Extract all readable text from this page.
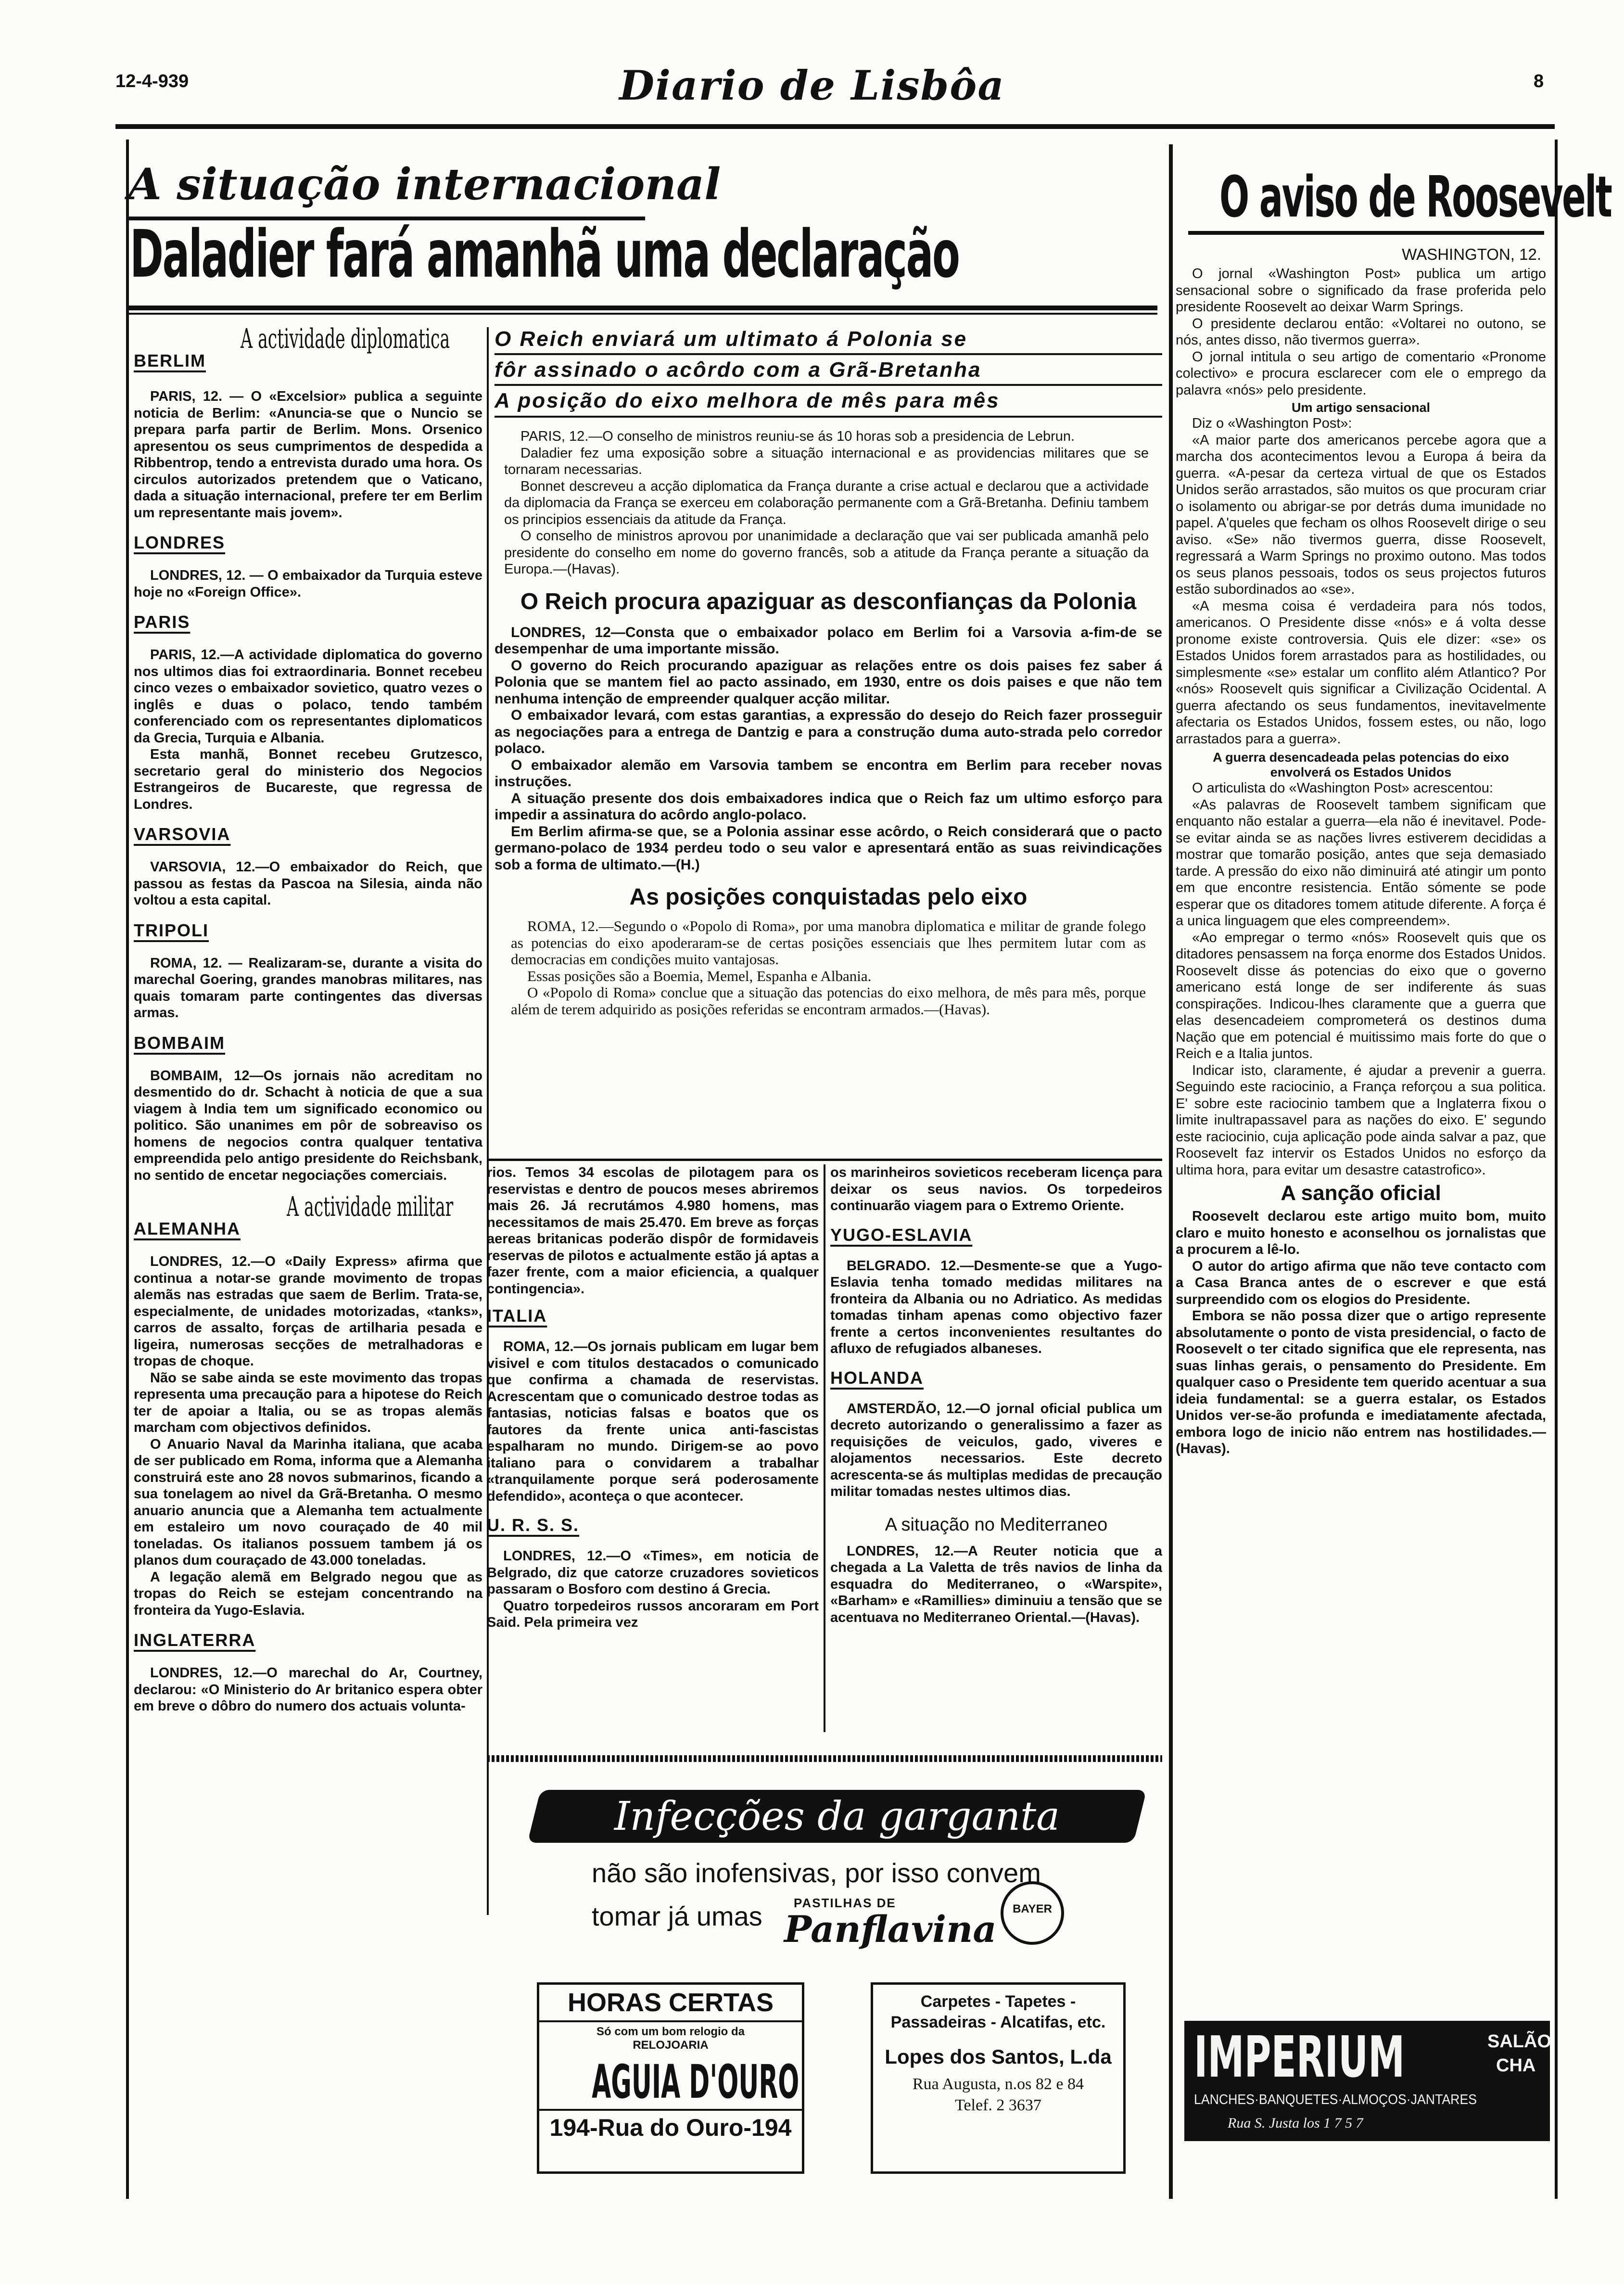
12-4-939	Diario de Lisbôa	8
A situação internacional
Daladier fará amanhã uma declaração
O aviso de Roosevelt
A actividade diplomatica
BERLIM

PARIS, 12. — O «Excelsior» publica a seguinte noticia de Berlim: «Anuncia-se que o Nuncio se prepara parfa partir de Berlim. Mons. Orsenico apresentou os seus cumprimentos de despedida a Ribbentrop, tendo a entrevista durado uma hora. Os circulos autorizados pretendem que o Vaticano, dada a situação internacional, prefere ter em Berlim um representante mais jovem».

LONDRES

LONDRES, 12. — O embaixador da Turquia esteve hoje no «Foreign Office».

PARIS

PARIS, 12.—A actividade diplomatica do governo nos ultimos dias foi extraordinaria. Bonnet recebeu cinco vezes o embaixador sovietico, quatro vezes o inglês e duas o polaco, tendo também conferenciado com os representantes diplomaticos da Grecia, Turquia e Albania.

Esta manhã, Bonnet recebeu Grutzesco, secretario geral do ministerio dos Negocios Estrangeiros de Bucareste, que regressa de Londres.

VARSOVIA

VARSOVIA, 12.—O embaixador do Reich, que passou as festas da Pascoa na Silesia, ainda não voltou a esta capital.

TRIPOLI

ROMA, 12. — Realizaram-se, durante a visita do marechal Goering, grandes manobras militares, nas quais tomaram parte contingentes das diversas armas.

BOMBAIM

BOMBAIM, 12—Os jornais não acreditam no desmentido do dr. Schacht à noticia de que a sua viagem à India tem um significado economico ou politico. São unanimes em pôr de sobreaviso os homens de negocios contra qualquer tentativa empreendida pelo antigo presidente do Reichsbank, no sentido de encetar negociações comerciais.

A actividade militar
ALEMANHA

LONDRES, 12.—O «Daily Express» afirma que continua a notar-se grande movimento de tropas alemãs nas estradas que saem de Berlim. Trata-se, especialmente, de unidades motorizadas, «tanks», carros de assalto, forças de artilharia pesada e ligeira, numerosas secções de metralhadoras e tropas de choque.

Não se sabe ainda se este movimento das tropas representa uma precaução para a hipotese do Reich ter de apoiar a Italia, ou se as tropas alemãs marcham com objectivos definidos.

O Anuario Naval da Marinha italiana, que acaba de ser publicado em Roma, informa que a Alemanha construirá este ano 28 novos submarinos, ficando a sua tonelagem ao nivel da Grã-Bretanha. O mesmo anuario anuncia que a Alemanha tem actualmente em estaleiro um novo couraçado de 40 mil toneladas. Os italianos possuem tambem já os planos dum couraçado de 43.000 toneladas.

A legação alemã em Belgrado negou que as tropas do Reich se estejam concentrando na fronteira da Yugo-Eslavia.

INGLATERRA

LONDRES, 12.—O marechal do Ar, Courtney, declarou: «O Ministerio do Ar britanico espera obter em breve o dôbro do numero dos actuais volunta-

O Reich enviará um ultimato á Polonia se
fôr assinado o acôrdo com a Grã-Bretanha
A posição do eixo melhora de mês para mês

PARIS, 12.—O conselho de ministros reuniu-se ás 10 horas sob a presidencia de Lebrun.

Daladier fez uma exposição sobre a situação internacional e as providencias militares que se tornaram necessarias.

Bonnet descreveu a acção diplomatica da França durante a crise actual e declarou que a actividade da diplomacia da França se exerceu em colaboração permanente com a Grã-Bretanha. Definiu tambem os principios essenciais da atitude da França.

O conselho de ministros aprovou por unanimidade a declaração que vai ser publicada amanhã pelo presidente do conselho em nome do governo francês, sob a atitude da França perante a situação da Europa.—(Havas).

O Reich procura apaziguar as desconfianças da Polonia

LONDRES, 12—Consta que o embaixador polaco em Berlim foi a Varsovia a-fim-de se desempenhar de uma importante missão.

O governo do Reich procurando apaziguar as relações entre os dois paises fez saber á Polonia que se mantem fiel ao pacto assinado, em 1930, entre os dois paises e que não tem nenhuma intenção de empreender qualquer acção militar.

O embaixador levará, com estas garantias, a expressão do desejo do Reich fazer prosseguir as negociações para a entrega de Dantzig e para a construção duma auto-strada pelo corredor polaco.

O embaixador alemão em Varsovia tambem se encontra em Berlim para receber novas instruções.

A situação presente dos dois embaixadores indica que o Reich faz um ultimo esforço para impedir a assinatura do acôrdo anglo-polaco.

Em Berlim afirma-se que, se a Polonia assinar esse acôrdo, o Reich considerará que o pacto germano-polaco de 1934 perdeu todo o seu valor e apresentará então as suas reivindicações sob a forma de ultimato.—(H.)

As posições conquistadas pelo eixo

ROMA, 12.—Segundo o «Popolo di Roma», por uma manobra diplomatica e militar de grande folego as potencias do eixo apoderaram-se de certas posições essenciais que lhes permitem lutar com as democracias em condições muito vantajosas.

Essas posições são a Boemia, Memel, Espanha e Albania.

O «Popolo di Roma» conclue que a situação das potencias do eixo melhora, de mês para mês, porque além de terem adquirido as posições referidas se encontram armados.—(Havas).

rios. Temos 34 escolas de pilotagem para os reservistas e dentro de poucos meses abriremos mais 26. Já recrutámos 4.980 homens, mas necessitamos de mais 25.470. Em breve as forças aereas britanicas poderão dispôr de formidaveis reservas de pilotos e actualmente estão já aptas a fazer frente, com a maior eficiencia, a qualquer contingencia».

ITALIA

ROMA, 12.—Os jornais publicam em lugar bem visivel e com titulos destacados o comunicado que confirma a chamada de reservistas. Acrescentam que o comunicado destroe todas as fantasias, noticias falsas e boatos que os fautores da frente unica anti-fascistas espalharam no mundo. Dirigem-se ao povo italiano para o convidarem a trabalhar «tranquilamente porque será poderosamente defendido», aconteça o que acontecer.

U. R. S. S.

LONDRES, 12.—O «Times», em noticia de Belgrado, diz que catorze cruzadores sovieticos passaram o Bosforo com destino á Grecia.

Quatro torpedeiros russos ancoraram em Port Said. Pela primeira vez

os marinheiros sovieticos receberam licença para deixar os seus navios. Os torpedeiros continuarão viagem para o Extremo Oriente.

YUGO-ESLAVIA

BELGRADO. 12.—Desmente-se que a Yugo-Eslavia tenha tomado medidas militares na fronteira da Albania ou no Adriatico. As medidas tomadas tinham apenas como objectivo fazer frente a certos inconvenientes resultantes do afluxo de refugiados albaneses.

HOLANDA

AMSTERDÃO, 12.—O jornal oficial publica um decreto autorizando o generalissimo a fazer as requisições de veiculos, gado, viveres e alojamentos necessarios. Este decreto acrescenta-se ás multiplas medidas de precaução militar tomadas nestes ultimos dias.

A situação no Mediterraneo

LONDRES, 12.—A Reuter noticia que a chegada a La Valetta de três navios de linha da esquadra do Mediterraneo, o «Warspite», «Barham» e «Ramillies» diminuiu a tensão que se acentuava no Mediterraneo Oriental.—(Havas).

Infecções da garganta
não são inofensivas, por isso convem
tomar já umas	PASTILHAS DE
Panflavina	BAYER
HORAS CERTAS
Só com um bom relogio da RELOJOARIA
AGUIA D'OURO
194-Rua do Ouro-194
Carpetes - Tapetes -
Passadeiras - Alcatifas, etc.
Lopes dos Santos, L.da
Rua Augusta, n.os 82 e 84
Telef. 2 3637
WASHINGTON, 12.

O jornal «Washington Post» publica um artigo sensacional sobre o significado da frase proferida pelo presidente Roosevelt ao deixar Warm Springs.

O presidente declarou então: «Voltarei no outono, se nós, antes disso, não tivermos guerra».

O jornal intitula o seu artigo de comentario «Pronome colectivo» e procura esclarecer com ele o emprego da palavra «nós» pelo presidente.

Um artigo sensacional

Diz o «Washington Post»:

«A maior parte dos americanos percebe agora que a marcha dos acontecimentos levou a Europa á beira da guerra. «A-pesar da certeza virtual de que os Estados Unidos serão arrastados, são muitos os que procuram criar o isolamento ou abrigar-se por detrás duma imunidade no papel. A'queles que fecham os olhos Roosevelt dirige o seu aviso. «Se» não tivermos guerra, disse Roosevelt, regressará a Warm Springs no proximo outono. Mas todos os seus planos pessoais, todos os seus projectos futuros estão subordinados ao «se».

«A mesma coisa é verdadeira para nós todos, americanos. O Presidente disse «nós» e á volta desse pronome existe controversia. Quis ele dizer: «se» os Estados Unidos forem arrastados para as hostilidades, ou simplesmente «se» estalar um conflito além Atlantico? Por «nós» Roosevelt quis significar a Civilização Ocidental. A guerra afectando os seus fundamentos, inevitavelmente afectaria os Estados Unidos, fossem estes, ou não, logo arrastados para a guerra».

A guerra desencadeada pelas potencias do eixo envolverá os Estados Unidos

O articulista do «Washington Post» acrescentou:

«As palavras de Roosevelt tambem significam que enquanto não estalar a guerra—ela não é inevitavel. Pode-se evitar ainda se as nações livres estiverem decididas a mostrar que tomarão posição, antes que seja demasiado tarde. A pressão do eixo não diminuirá até atingir um ponto em que encontre resistencia. Então sómente se pode esperar que os ditadores tomem atitude diferente. A força é a unica linguagem que eles compreendem».

«Ao empregar o termo «nós» Roosevelt quis que os ditadores pensassem na força enorme dos Estados Unidos. Roosevelt disse ás potencias do eixo que o governo americano está longe de ser indiferente ás suas conspirações. Indicou-lhes claramente que a guerra que elas desencadeiem comprometerá os destinos duma Nação que em potencial é muitissimo mais forte do que o Reich e a Italia juntos.

Indicar isto, claramente, é ajudar a prevenir a guerra. Seguindo este raciocinio, a França reforçou a sua politica. E' sobre este raciocinio tambem que a Inglaterra fixou o limite inultrapassavel para as nações do eixo. E' segundo este raciocinio, cuja aplicação pode ainda salvar a paz, que Roosevelt faz intervir os Estados Unidos no esforço da ultima hora, para evitar um desastre catastrofico».

A sanção oficial

Roosevelt declarou este artigo muito bom, muito claro e muito honesto e aconselhou os jornalistas que a procurem a lê-lo.

O autor do artigo afirma que não teve contacto com a Casa Branca antes de o escrever e que está surpreendido com os elogios do Presidente.

Embora se não possa dizer que o artigo represente absolutamente o ponto de vista presidencial, o facto de Roosevelt o ter citado significa que ele representa, nas suas linhas gerais, o pensamento do Presidente. Em qualquer caso o Presidente tem querido acentuar a sua ideia fundamental: se a guerra estalar, os Estados Unidos ver-se-ão profunda e imediatamente afectada, embora logo de inicio não entrem nas hostilidades.—(Havas).

IMPERIUM	SALÃO
CHA
LANCHES·BANQUETES·ALMOÇOS·JANTARES
Rua S. Justa los 1 7 5 7
